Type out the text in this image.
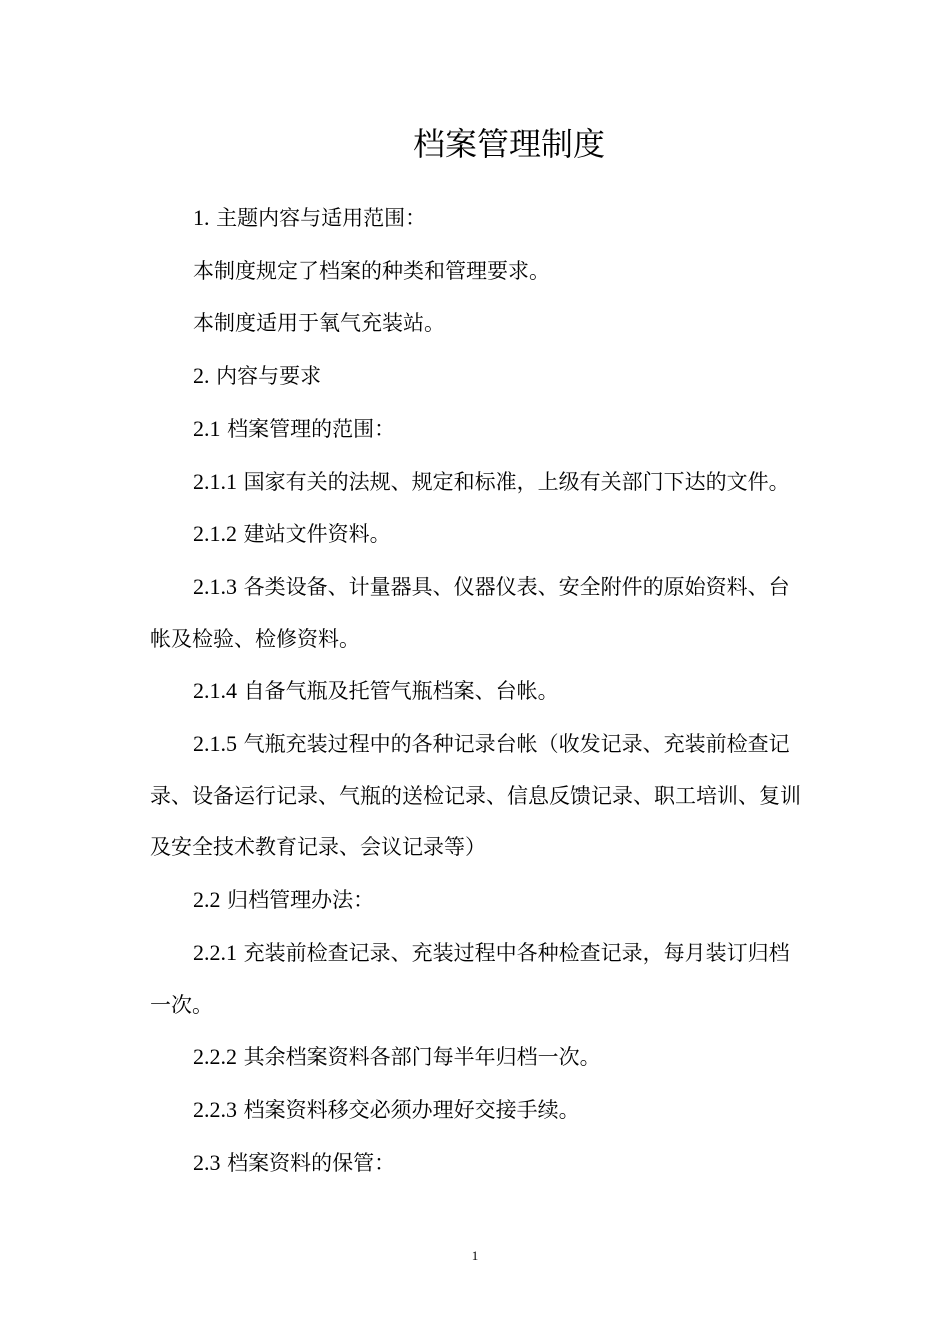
档案管理制度

1. 主题内容与适用范围：

本制度规定了档案的种类和管理要求。

本制度适用于氧气充装站。

2. 内容与要求

2.1 档案管理的范围：

2.1.1 国家有关的法规、规定和标准，上级有关部门下达的文件。

2.1.2 建站文件资料。

2.1.3 各类设备、计量器具、仪器仪表、安全附件的原始资料、台帐及检验、检修资料。

2.1.4 自备气瓶及托管气瓶档案、台帐。

2.1.5 气瓶充装过程中的各种记录台帐（收发记录、充装前检查记录、设备运行记录、气瓶的送检记录、信息反馈记录、职工培训、复训及安全技术教育记录、会议记录等）

2.2 归档管理办法：

2.2.1 充装前检查记录、充装过程中各种检查记录，每月装订归档一次。

2.2.2 其余档案资料各部门每半年归档一次。

2.2.3 档案资料移交必须办理好交接手续。

2.3 档案资料的保管：

1
